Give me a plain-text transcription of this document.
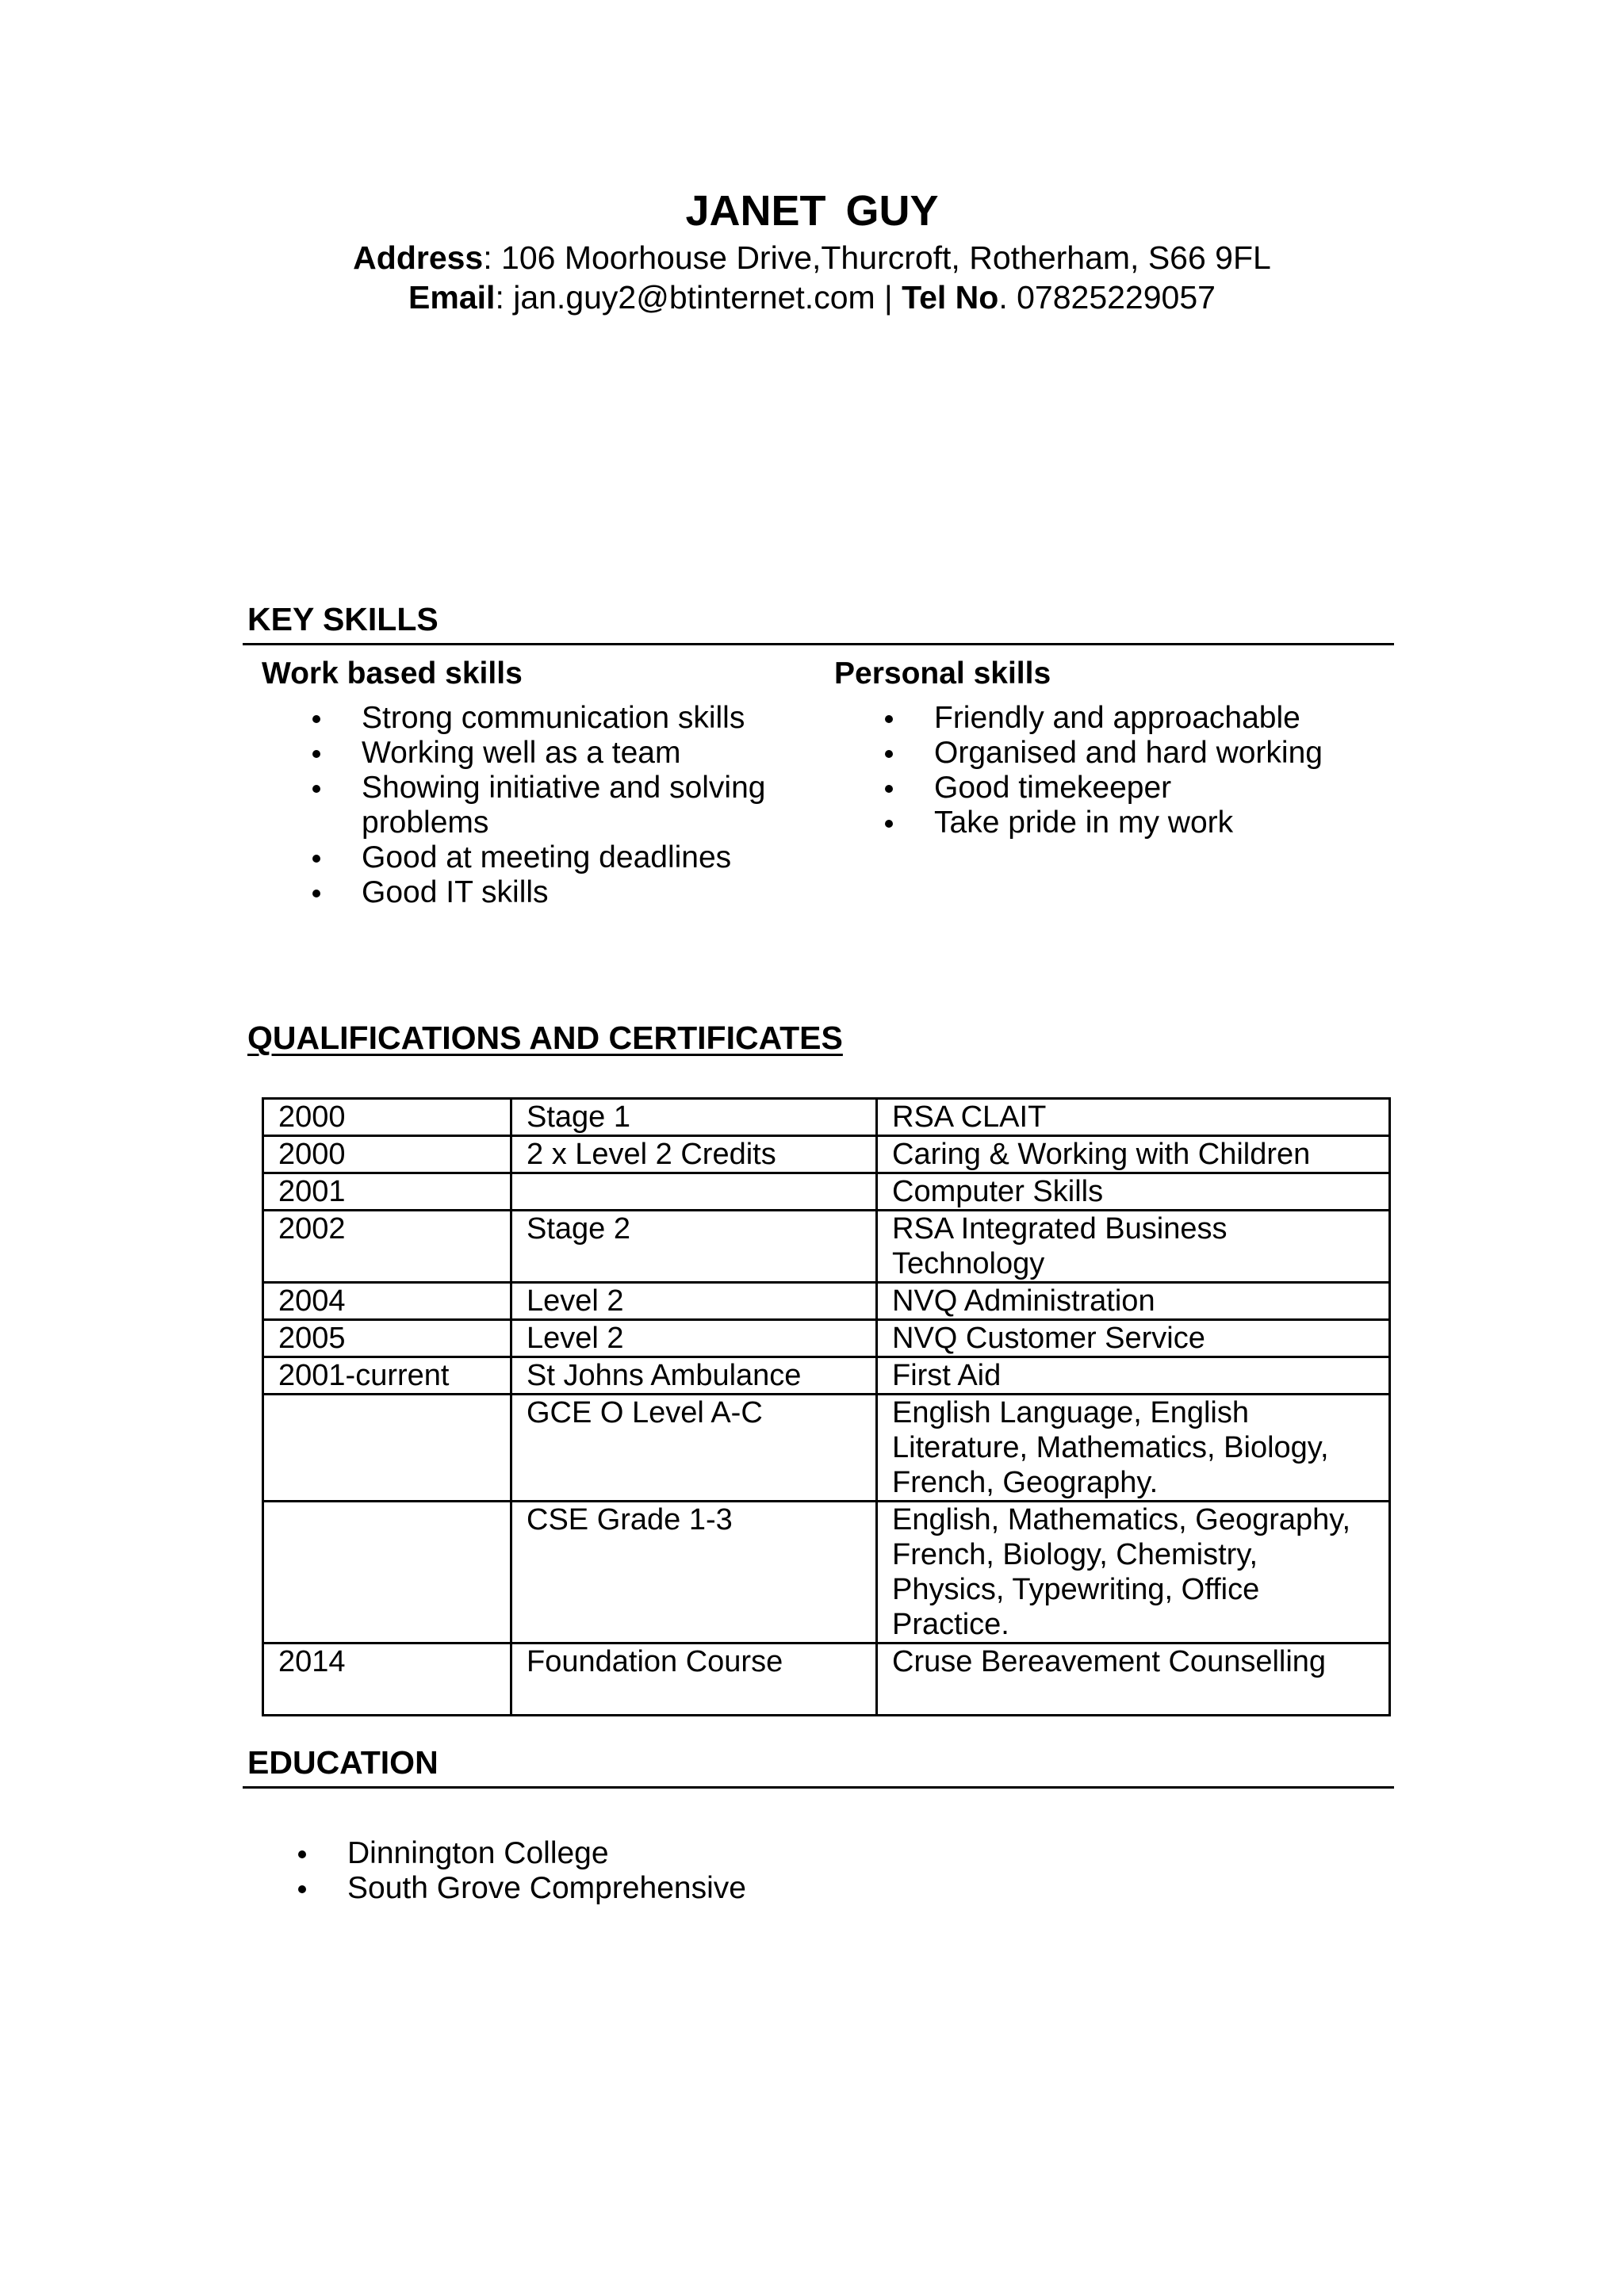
JANET GUY

Address: 106 Moorhouse Drive,Thurcroft, Rotherham, S66 9FL

Email: jan.guy2@btinternet.com | Tel No. 07825229057

KEY SKILLS
Work based skills
Strong communication skills
Working well as a team
Showing initiative and solving problems
Good at meeting deadlines
Good IT skills
Personal skills
Friendly and approachable
Organised and hard working
Good timekeeper
Take pride in my work
QUALIFICATIONS AND CERTIFICATES
2000	Stage 1	RSA CLAIT
2000	2 x Level 2 Credits	Caring & Working with Children
2001		Computer Skills
2002	Stage 2	RSA Integrated Business Technology
2004	Level 2	NVQ Administration
2005	Level 2	NVQ Customer Service
2001-current	St Johns Ambulance	First Aid
	GCE O Level A-C	English Language, English Literature, Mathematics, Biology, French, Geography.
	CSE Grade 1-3	English, Mathematics, Geography, French, Biology, Chemistry, Physics, Typewriting, Office Practice.
2014	Foundation Course	Cruse Bereavement Counselling
EDUCATION
Dinnington College
South Grove Comprehensive
